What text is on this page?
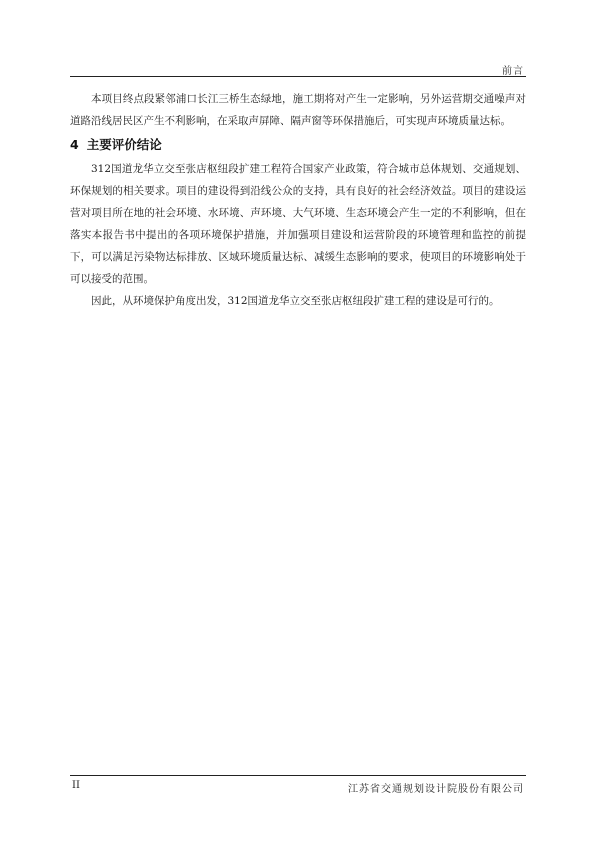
前言

本项目终点段紧邻浦口长江三桥生态绿地，施工期将对产生一定影响，另外运营期交通噪声对道路沿线居民区产生不利影响，在采取声屏障、隔声窗等环保措施后，可实现声环境质量达标。

4 主要评价结论

312国道龙华立交至张店枢纽段扩建工程符合国家产业政策，符合城市总体规划、交通规划、环保规划的相关要求。项目的建设得到沿线公众的支持，具有良好的社会经济效益。项目的建设运营对项目所在地的社会环境、水环境、声环境、大气环境、生态环境会产生一定的不利影响，但在落实本报告书中提出的各项环境保护措施，并加强项目建设和运营阶段的环境管理和监控的前提下，可以满足污染物达标排放、区域环境质量达标、减缓生态影响的要求，使项目的环境影响处于可以接受的范围。

因此，从环境保护角度出发，312国道龙华立交至张店枢纽段扩建工程的建设是可行的。

II	江苏省交通规划设计院股份有限公司
